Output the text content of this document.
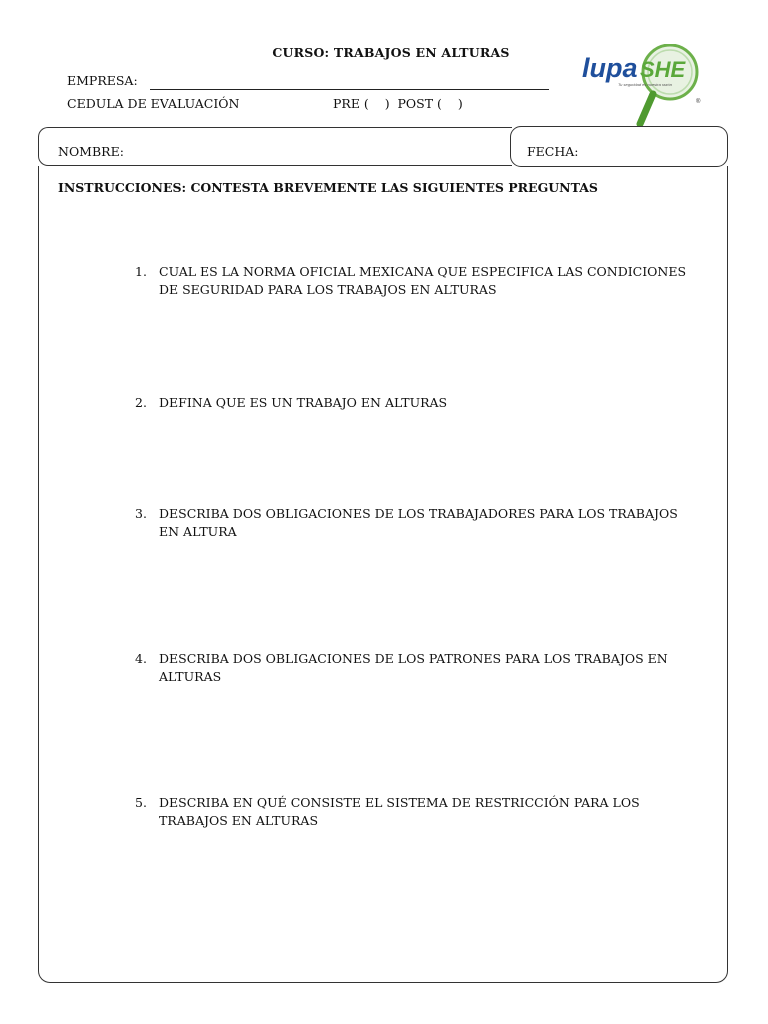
CURSO: TRABAJOS EN ALTURAS
EMPRESA:
CEDULA DE EVALUACIÓN	PRE (    )  POST (    )
lupa SHE
Tu seguridad es nuestra razón
®
NOMBRE:	FECHA:
INSTRUCCIONES: CONTESTA BREVEMENTE LAS SIGUIENTES PREGUNTAS
1. CUAL ES LA NORMA OFICIAL MEXICANA QUE ESPECIFICA LAS CONDICIONES DE SEGURIDAD PARA LOS TRABAJOS EN ALTURAS
2. DEFINA QUE ES UN TRABAJO EN ALTURAS
3. DESCRIBA DOS OBLIGACIONES DE LOS TRABAJADORES PARA LOS TRABAJOS EN ALTURA
4. DESCRIBA DOS OBLIGACIONES DE LOS PATRONES PARA LOS TRABAJOS EN ALTURAS
5. DESCRIBA EN QUÉ CONSISTE EL SISTEMA DE RESTRICCIÓN PARA LOS TRABAJOS EN ALTURAS
